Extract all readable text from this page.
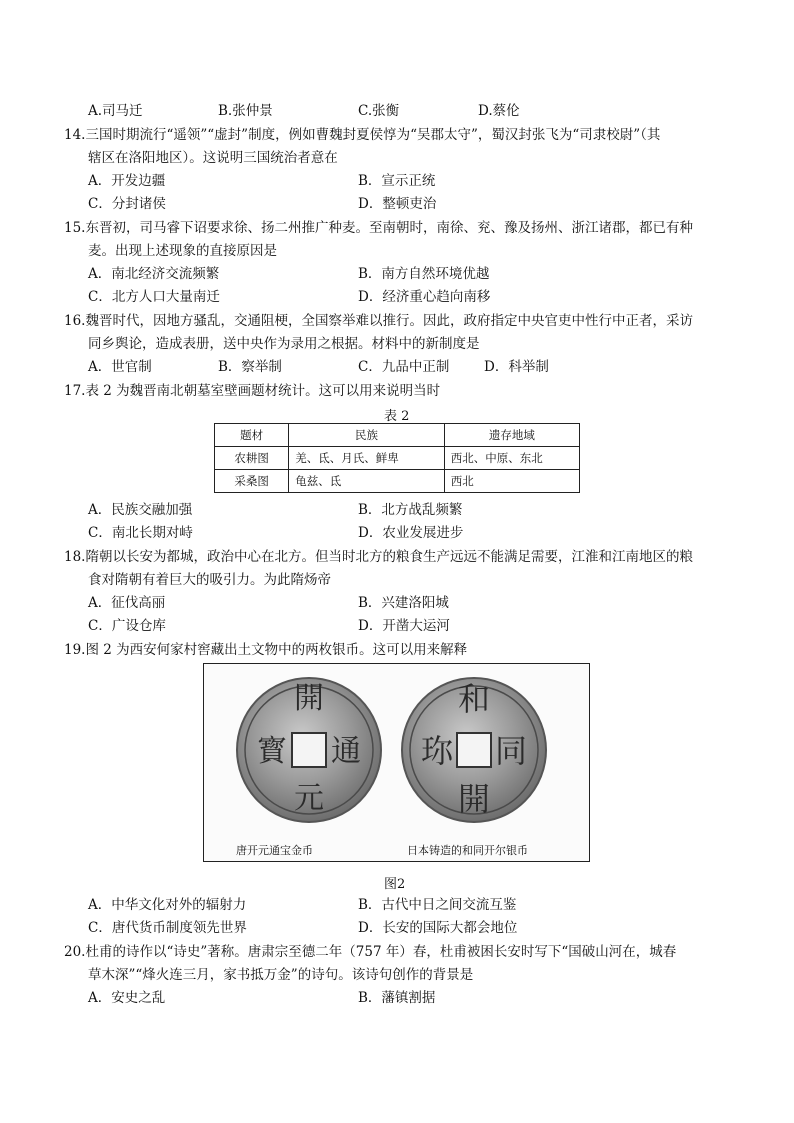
A.司马迁	B.张仲景	C.张衡	D.蔡伦
14.三国时期流行“遥领”“虚封”制度，例如曹魏封夏侯惇为“吴郡太守”，蜀汉封张飞为“司隶校尉”（其
辖区在洛阳地区）。这说明三国统治者意在
A．开发边疆	B．宣示正统
C．分封诸侯	D．整顿吏治
15.东晋初，司马睿下诏要求徐、扬二州推广种麦。至南朝时，南徐、兖、豫及扬州、浙江诸郡，都已有种
麦。出现上述现象的直接原因是
A．南北经济交流频繁	B．南方自然环境优越
C．北方人口大量南迁	D．经济重心趋向南移
16.魏晋时代，因地方骚乱，交通阻梗，全国察举难以推行。因此，政府指定中央官吏中性行中正者，采访
同乡舆论，造成表册，送中央作为录用之根据。材料中的新制度是
A．世官制	B．察举制	C．九品中正制	D．科举制
17.表 2 为魏晋南北朝墓室壁画题材统计。这可以用来说明当时
表 2
题材	民族	遗存地域
农耕图	羌、氐、月氏、鲜卑	西北、中原、东北
采桑图	龟兹、氐	西北
A．民族交融加强	B．北方战乱频繁
C．南北长期对峙	D．农业发展进步
18.隋朝以长安为都城，政治中心在北方。但当时北方的粮食生产远远不能满足需要，江淮和江南地区的粮
食对隋朝有着巨大的吸引力。为此隋炀帝
A．征伐高丽	B．兴建洛阳城
C．广设仓库	D．开凿大运河
19.图 2 为西安何家村窖藏出土文物中的两枚银币。这可以用来解释
開
通
元
寳
和
同
開
珎
唐开元通宝金币	日本铸造的和同开尔银币
图2
A．中华文化对外的辐射力	B．古代中日之间交流互鉴
C．唐代货币制度领先世界	D．长安的国际大都会地位
20.杜甫的诗作以“诗史”著称。唐肃宗至德二年（757 年）春，杜甫被困长安时写下“国破山河在，城春
草木深”“烽火连三月，家书抵万金”的诗句。该诗句创作的背景是
A．安史之乱	B．藩镇割据
